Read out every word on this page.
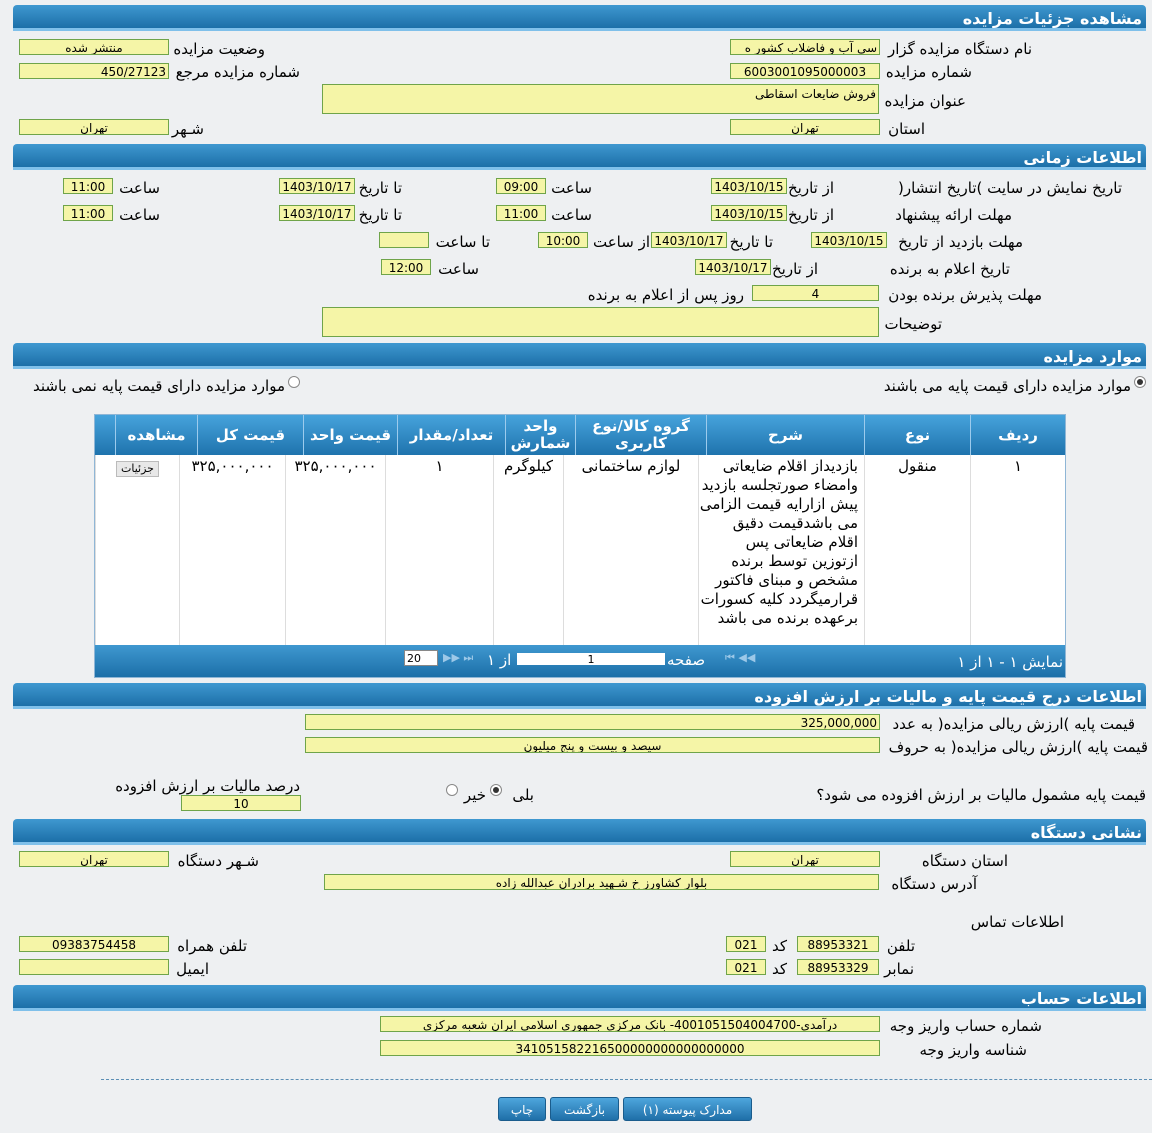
مشاهده جزئیات مزایده
نام دستگاه مزایده گزار
سی آب و فاضلاب کشور ه
وضعیت مزایده
منتشر شده
شماره مزایده
6003001095000003
شماره مزایده مرجع
450/27123
عنوان مزایده
فروش ضایعات اسقاطی
استان
تهران
شـهر
تهران
اطلاعات زمانی
تاریخ نمایش در سایت )تاریخ انتشار(
از تاریخ
1403/10/15
ساعت
09:00
تا تاریخ
1403/10/17
ساعت
11:00
مهلت ارائه پیشنهاد
از تاریخ
1403/10/15
ساعت
11:00
تا تاریخ
1403/10/17
ساعت
11:00
مهلت بازدید از تاریخ
1403/10/15
تا تاریخ
1403/10/17
از ساعت
10:00
تا ساعت
تاریخ اعلام به برنده
از تاریخ
1403/10/17
ساعت
12:00
مهلت پذیرش برنده بودن
4
روز پس از اعلام به برنده
توضیحات
موارد مزایده
موارد مزایده دارای قیمت پایه می باشند
موارد مزایده دارای قیمت پایه نمی باشند
ردیف
نوع
شرح
گروه کالا/نوع کاربری
واحد شمارش
تعداد/مقدار
قیمت واحد
قیمت کل
مشاهده
۱
منقول
بازدیداز اقلام ضایعاتی وامضاء صورتجلسه بازدید پیش ازارایه قیمت الزامی می باشدقیمت دقیق اقلام ضایعاتی پس ازتوزین توسط برنده مشخص و مبنای فاکتور قرارمیگردد کلیه کسورات برعهده برنده می باشد
لوازم ساختمانی
کیلوگرم
۱
۳۲۵,۰۰۰,۰۰۰
۳۲۵,۰۰۰,۰۰۰
جزئیات
نمایش ۱ - ۱ از ۱
⏮ ◀◀
صفحه
1
از ۱
▶▶ ⏭
20
اطلاعات درج قیمت پایه و مالیات بر ارزش افزوده
قیمت پایه )ارزش ریالی مزایده( به عدد
325,000,000
قیمت پایه )ارزش ریالی مزایده( به حروف
سیصد و بیست و پنج میلیون
قیمت پایه مشمول مالیات بر ارزش افزوده می شود؟
بلی
خیر
درصد مالیات بر ارزش افزوده
10
نشانی دستگاه
استان دستگاه
تهران
شـهر دستگاه
تهران
آدرس دستگاه
بلوار کشاورز خ شـهید برادران عبدالله زاده
اطلاعات تماس
تلفن
88953321
کد
021
تلفن همراه
09383754458
نمابر
88953329
کد
021
ایمیل
اطلاعات حساب
شماره حساب واریز وجه
درآمدی-4001051504004700- بانک مرکزی جمهوری اسلامی ایران شعبه مرکزی
شناسه واریز وجه
341051582216500000000000000000
مدارک پیوسته (۱)
بازگشت
چاپ
